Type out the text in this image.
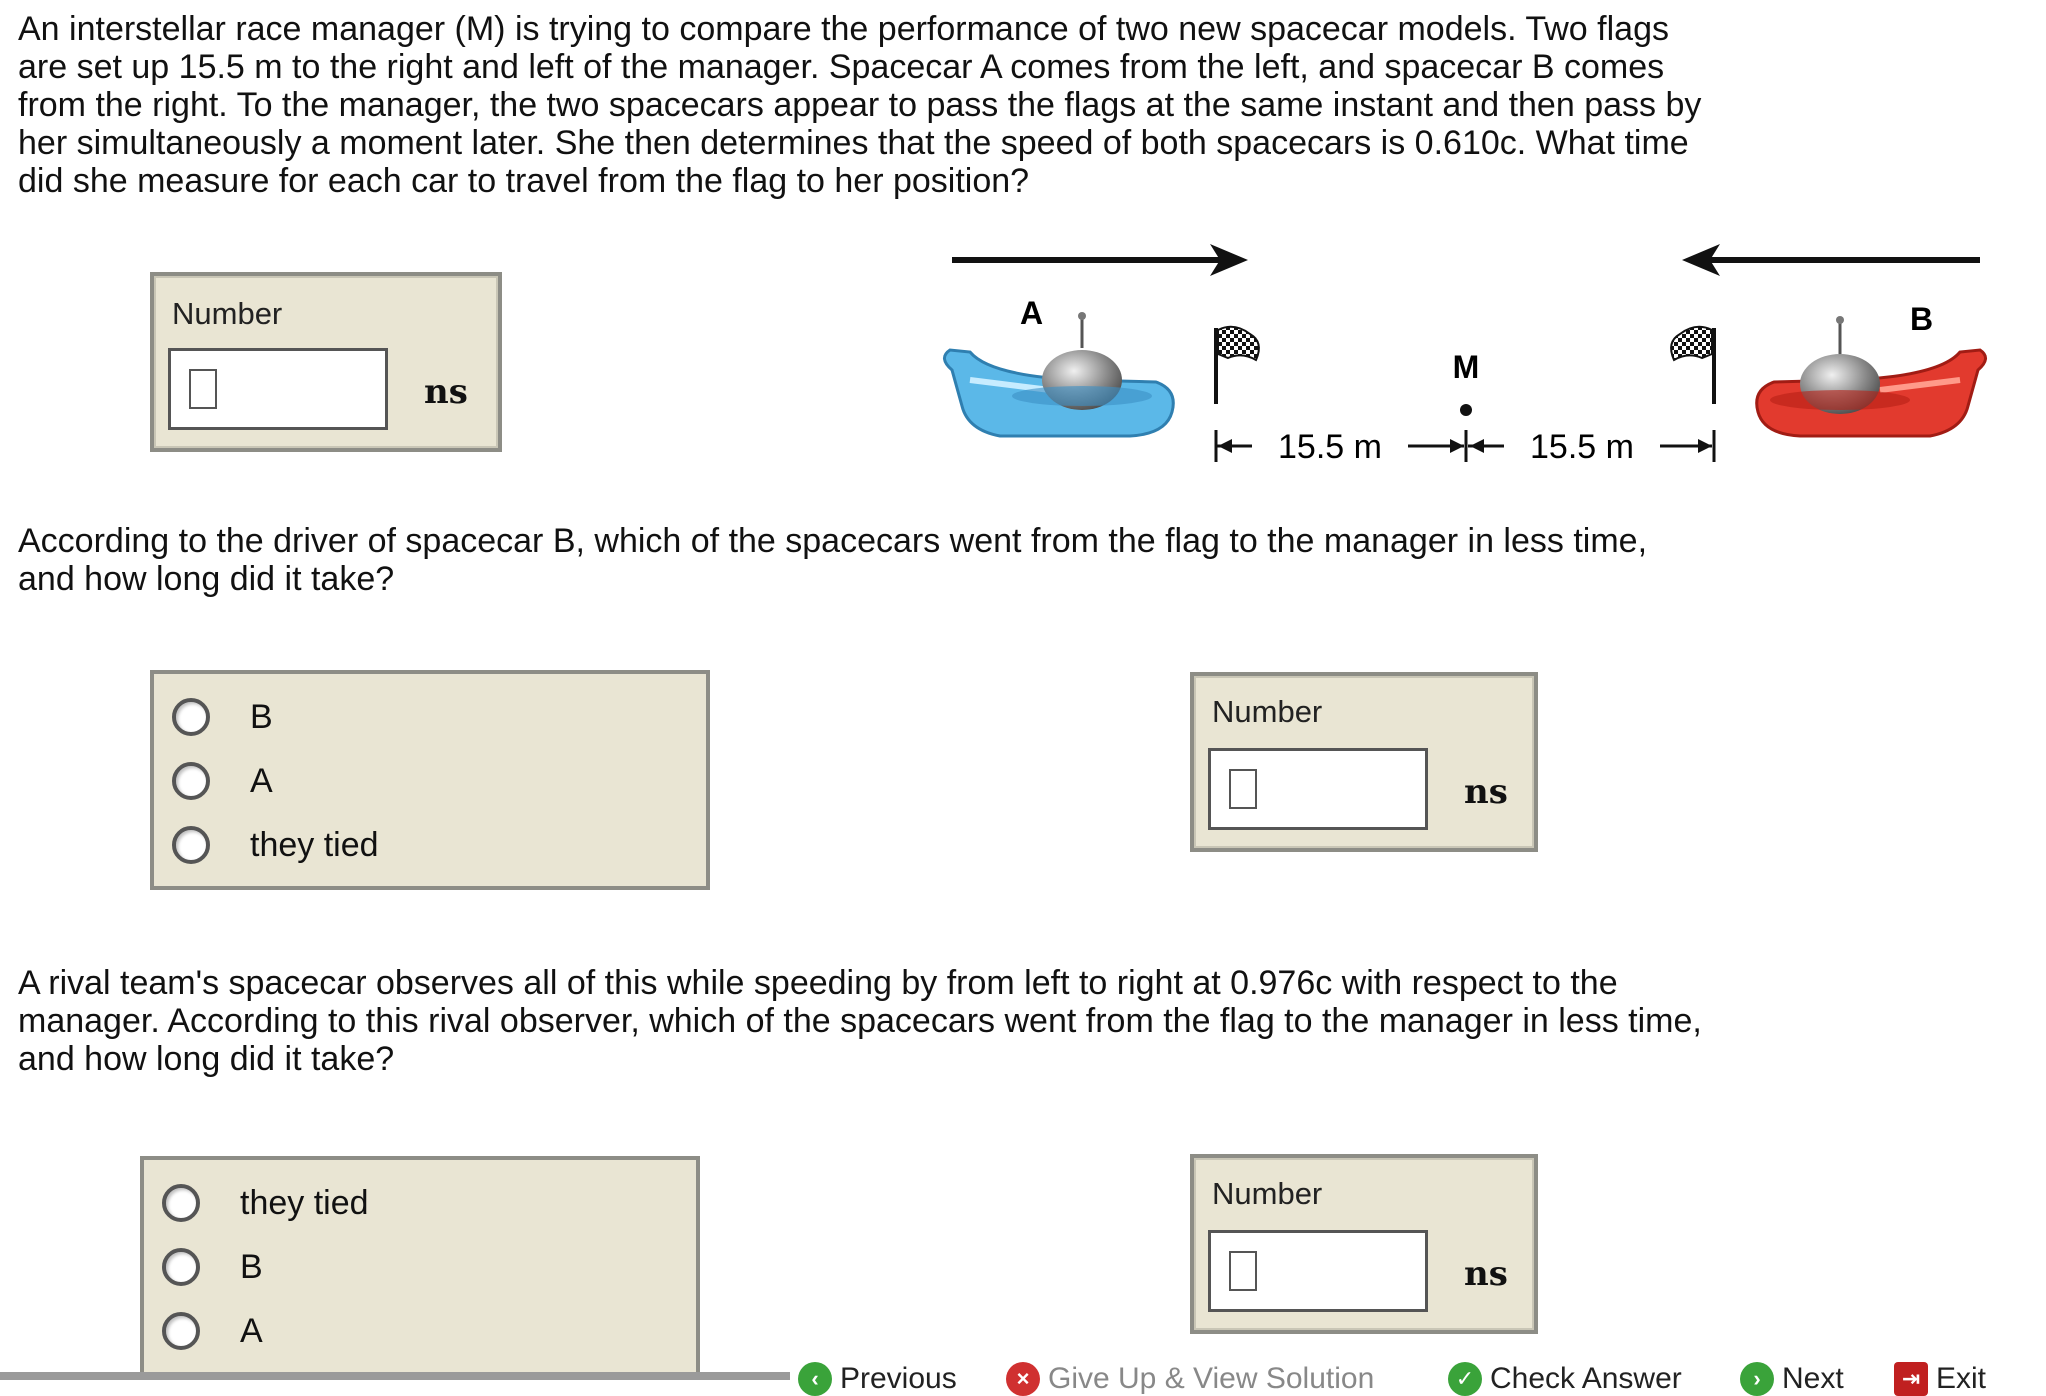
An interstellar race manager (M) is trying to compare the performance of two new spacecar models. Two flags
are set up 15.5 m to the right and left of the manager. Spacecar A comes from the left, and spacecar B comes
from the right. To the manager, the two spacecars appear to pass the flags at the same instant and then pass by
her simultaneously a moment later. She then determines that the speed of both spacecars is 0.610c. What time
did she measure for each car to travel from the flag to her position?
Number
ns
A
M
15.5 m	15.5 m
B
According to the driver of spacecar B, which of the spacecars went from the flag to the manager in less time,
and how long did it take?
B
A
they tied
Number
ns
A rival team's spacecar observes all of this while speeding by from left to right at 0.976c with respect to the
manager. According to this rival observer, which of the spacecars went from the flag to the manager in less time,
and how long did it take?
they tied
B
A
Number
ns
‹ Previous	× Give Up & View Solution	✓ Check Answer	› Next	⇥ Exit
